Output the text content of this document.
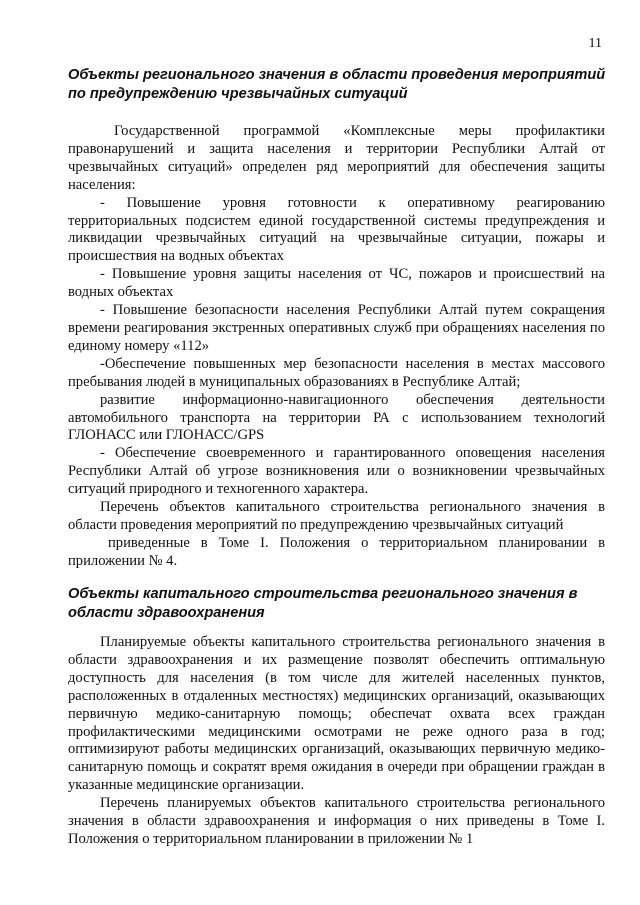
11
Объекты регионального значения в области проведения мероприятий по предупреждению чрезвычайных ситуаций

Государственной программой «Комплексные меры профилактики правонарушений и защита населения и территории Республики Алтай от чрезвычайных ситуаций» определен ряд мероприятий для обеспечения защиты населения:

- Повышение уровня готовности к оперативному реагированию территориальных подсистем единой государственной системы предупреждения и ликвидации чрезвычайных ситуаций на чрезвычайные ситуации, пожары и происшествия на водных объектах

- Повышение уровня защиты населения от ЧС, пожаров и происшествий на водных объектах

- Повышение безопасности населения Республики Алтай путем сокращения времени реагирования экстренных оперативных служб при обращениях населения по единому номеру «112»

-Обеспечение повышенных мер безопасности населения в местах массового пребывания людей в муниципальных образованиях в Республике Алтай;

развитие информационно-навигационного обеспечения деятельности автомобильного транспорта на территории РА с использованием технологий ГЛОНАСС или ГЛОНАСС/GPS

- Обеспечение своевременного и гарантированного оповещения населения Республики Алтай об угрозе возникновения или о возникновении чрезвычайных ситуаций природного и техногенного характера.

Перечень объектов капитального строительства регионального значения в области проведения мероприятий по предупреждению чрезвычайных ситуаций

приведенные в Томе I. Положения о территориальном планировании в приложении № 4.

Объекты капитального строительства регионального значения в области здравоохранения

Планируемые объекты капитального строительства регионального значения в области здравоохранения и их размещение позволят обеспечить оптимальную доступность для населения (в том числе для жителей населенных пунктов, расположенных в отдаленных местностях) медицинских организаций, оказывающих первичную медико-санитарную помощь; обеспечат охвата всех граждан профилактическими медицинскими осмотрами не реже одного раза в год; оптимизируют работы медицинских организаций, оказывающих первичную медико-санитарную помощь и сократят время ожидания в очереди при обращении граждан в указанные медицинские организации.

Перечень планируемых объектов капитального строительства регионального значения в области здравоохранения и информация о них приведены в Томе I. Положения о территориальном планировании в приложении № 1
